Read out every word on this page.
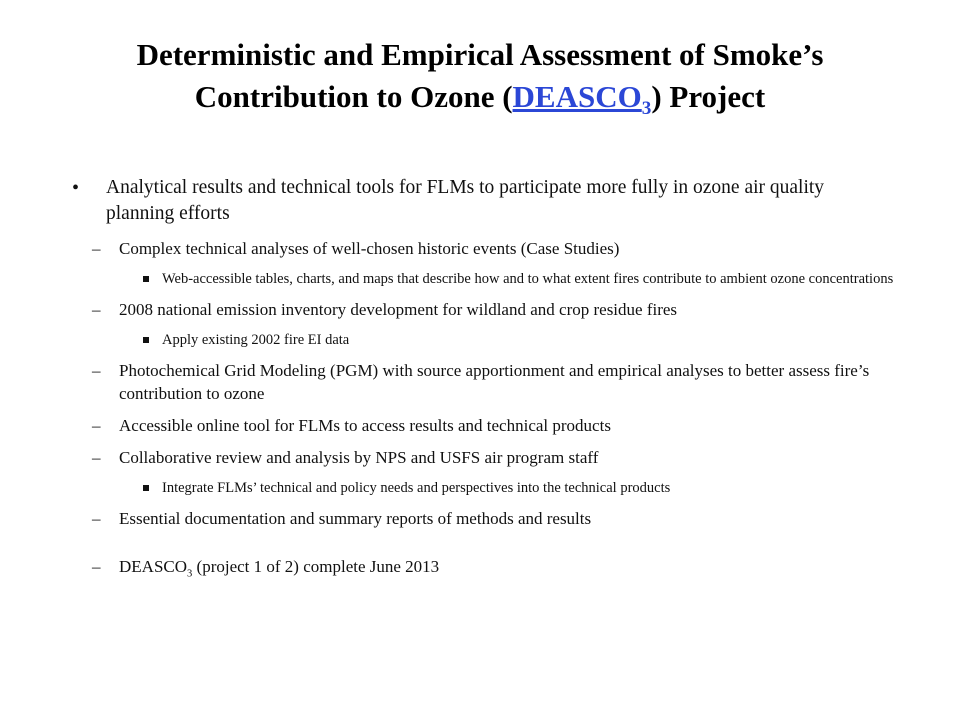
Deterministic and Empirical Assessment of Smoke’s
Contribution to Ozone $(DEASCO_3)$ Project
• Analytical results and technical tools for FLMs to participate more fully in ozone air quality planning efforts
– Complex technical analyses of well-chosen historic events (Case Studies)
Web-accessible tables, charts, and maps that describe how and to what extent fires contribute to ambient ozone concentrations
– 2008 national emission inventory development for wildland and crop residue fires
Apply existing 2002 fire EI data
– Photochemical Grid Modeling (PGM) with source apportionment and empirical analyses to better assess fire’s contribution to ozone
– Accessible online tool for FLMs to access results and technical products
– Collaborative review and analysis by NPS and USFS air program staff
Integrate FLMs’ technical and policy needs and perspectives into the technical products
– Essential documentation and summary reports of methods and results
– $DEASCO_3$ (project 1 of 2) complete June 2013
